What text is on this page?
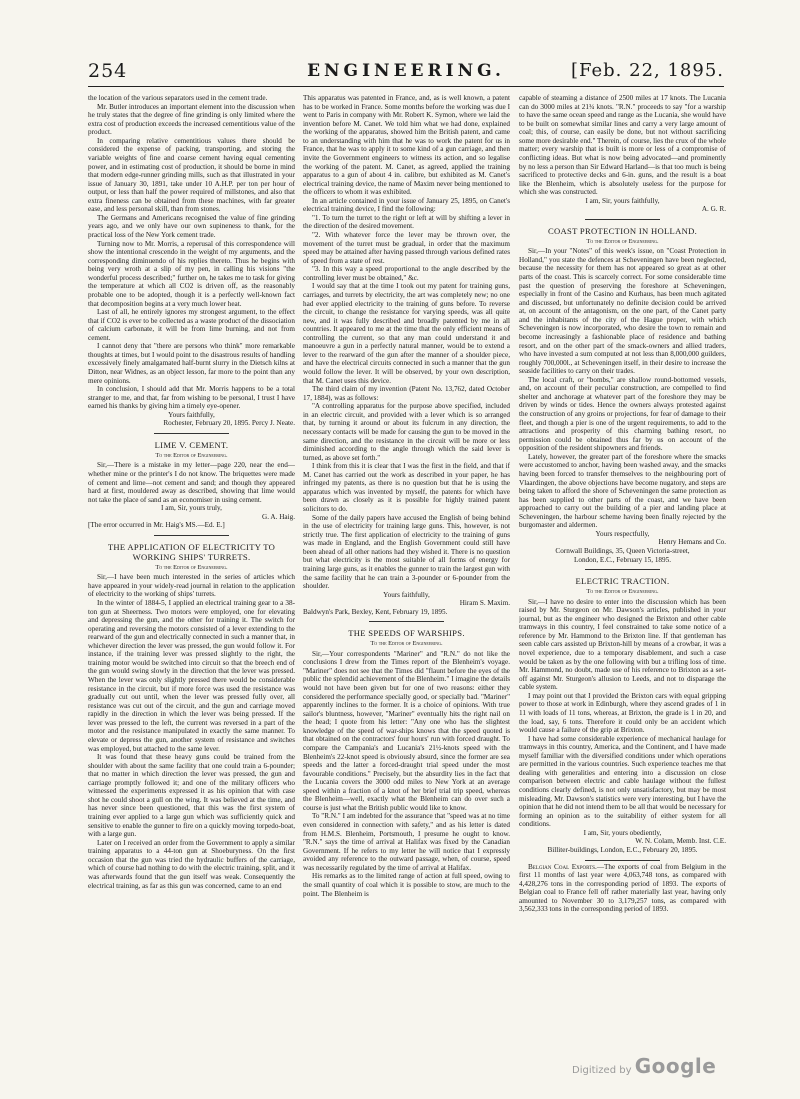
254	ENGINEERING.	[Feb. 22, 1895.

the location of the various separators used in the cement trade.

Mr. Butler introduces an important element into the discussion when he truly states that the degree of fine grinding is only limited where the extra cost of production exceeds the increased cementitious value of the product.

In comparing relative cementitious values there should be considered the expense of packing, transporting, and storing the variable weights of fine and coarse cement having equal cementing power, and in estimating cost of production, it should be borne in mind that modern edge-runner grinding mills, such as that illustrated in your issue of January 30, 1891, take under 10 A.H.P. per ton per hour of output, or less than half the power required of millstones, and also that extra fineness can be obtained from these machines, with far greater ease, and less personal skill, than from stones.

The Germans and Americans recognised the value of fine grinding years ago, and we only have our own supineness to thank, for the practical loss of the New York cement trade.

Turning now to Mr. Morris, a reperusal of this correspondence will show the intentional crescendo in the weight of my arguments, and the corresponding diminuendo of his replies thereto. Thus he begins with being very wroth at a slip of my pen, in calling his visions "the wonderful process described;" further on, he takes me to task for giving the temperature at which all CO2 is driven off, as the reasonably probable one to be adopted, though it is a perfectly well-known fact that decomposition begins at a very much lower heat.

Last of all, he entirely ignores my strongest argument, to the effect that if CO2 is ever to be collected as a waste product of the dissociation of calcium carbonate, it will be from lime burning, and not from cement.

I cannot deny that "there are persons who think" more remarkable thoughts at times, but I would point to the disastrous results of handling excessively finely amalgamated half-burnt slurry in the Dietsch kilns at Ditton, near Widnes, as an object lesson, far more to the point than any mere opinions.

In conclusion, I should add that Mr. Morris happens to be a total stranger to me, and that, far from wishing to be personal, I trust I have earned his thanks by giving him a timely eye-opener.

Yours faithfully,

Rochester, February 20, 1895. Percy J. Neate.

LIME V. CEMENT.
To the Editor of Engineering.

Sir,—There is a mistake in my letter—page 220, near the end—whether mine or the printer's I do not know. The briquettes were made of cement and lime—not cement and sand; and though they appeared hard at first, mouldered away as described, showing that lime would not take the place of sand as an economiser in using cement.

I am, Sir, yours truly,

G. A. Haig.

[The error occurred in Mr. Haig's MS.—Ed. E.]

THE APPLICATION OF ELECTRICITY TO WORKING SHIPS' TURRETS.
To the Editor of Engineering.

Sir,—I have been much interested in the series of articles which have appeared in your widely-read journal in relation to the application of electricity to the working of ships' turrets.

In the winter of 1884-5, I applied an electrical training gear to a 38-ton gun at Sheerness. Two motors were employed, one for elevating and depressing the gun, and the other for training it. The switch for operating and reversing the motors consisted of a lever extending to the rearward of the gun and electrically connected in such a manner that, in whichever direction the lever was pressed, the gun would follow it. For instance, if the training lever was pressed slightly to the right, the training motor would be switched into circuit so that the breech end of the gun would swing slowly in the direction that the lever was pressed. When the lever was only slightly pressed there would be considerable resistance in the circuit, but if more force was used the resistance was gradually cut out until, when the lever was pressed fully over, all resistance was cut out of the circuit, and the gun and carriage moved rapidly in the direction in which the lever was being pressed. If the lever was pressed to the left, the current was reversed in a part of the motor and the resistance manipulated in exactly the same manner. To elevate or depress the gun, another system of resistance and switches was employed, but attached to the same lever.

It was found that these heavy guns could be trained from the shoulder with about the same facility that one could train a 6-pounder; that no matter in which direction the lever was pressed, the gun and carriage promptly followed it; and one of the military officers who witnessed the experiments expressed it as his opinion that with case shot he could shoot a gull on the wing. It was believed at the time, and has never since been questioned, that this was the first system of training ever applied to a large gun which was sufficiently quick and sensitive to enable the gunner to fire on a quickly moving torpedo-boat, with a large gun.

Later on I received an order from the Government to apply a similar training apparatus to a 44-ton gun at Shoeburyness. On the first occasion that the gun was tried the hydraulic buffers of the carriage, which of course had nothing to do with the electric training, split, and it was afterwards found that the gun itself was weak. Consequently the electrical training, as far as this gun was concerned, came to an end

This apparatus was patented in France, and, as is well known, a patent has to be worked in France. Some months before the working was due I went to Paris in company with Mr. Robert K. Symon, where we laid the invention before M. Canet. We told him what we had done, explained the working of the apparatus, showed him the British patent, and came to an understanding with him that he was to work the patent for us in France, that he was to apply it to some kind of a gun carriage, and then invite the Government engineers to witness its action, and so legalise the working of the patent. M. Canet, as agreed, applied the training apparatus to a gun of about 4 in. calibre, but exhibited as M. Canet's electrical training device, the name of Maxim never being mentioned to the officers to whom it was exhibited.

In an article contained in your issue of January 25, 1895, on Canet's electrical training device, I find the following:

"1. To turn the turret to the right or left at will by shifting a lever in the direction of the desired movement.

"2. With whatever force the lever may be thrown over, the movement of the turret must be gradual, in order that the maximum speed may be attained after having passed through various defined rates of speed from a state of rest.

"3. In this way a speed proportional to the angle described by the controlling lever must be obtained," &c.

I would say that at the time I took out my patent for training guns, carriages, and turrets by electricity, the art was completely new; no one had ever applied electricity to the training of guns before. To reverse the circuit, to change the resistance for varying speeds, was all quite new, and it was fully described and broadly patented by me in all countries. It appeared to me at the time that the only efficient means of controlling the current, so that any man could understand it and manoeuvre a gun in a perfectly natural manner, would be to extend a lever to the rearward of the gun after the manner of a shoulder piece, and have the electrical circuits connected in such a manner that the gun would follow the lever. It will be observed, by your own description, that M. Canet uses this device.

The third claim of my invention (Patent No. 13,762, dated October 17, 1884), was as follows:

"A controlling apparatus for the purpose above specified, included in an electric circuit, and provided with a lever which is so arranged that, by turning it around or about its fulcrum in any direction, the necessary contacts will be made for causing the gun to be moved in the same direction, and the resistance in the circuit will be more or less diminished according to the angle through which the said lever is turned, as above set forth."

I think from this it is clear that I was the first in the field, and that if M. Canet has carried out the work as described in your paper, he has infringed my patents, as there is no question but that he is using the apparatus which was invented by myself, the patents for which have been drawn as closely as it is possible for highly trained patent solicitors to do.

Some of the daily papers have accused the English of being behind in the use of electricity for training large guns. This, however, is not strictly true. The first application of electricity to the training of guns was made in England, and the English Government could still have been ahead of all other nations had they wished it. There is no question but what electricity is the most suitable of all forms of energy for training large guns, as it enables the gunner to train the largest gun with the same facility that he can train a 3-pounder or 6-pounder from the shoulder.

Yours faithfully,

Hiram S. Maxim.

Baldwyn's Park, Bexley, Kent, February 19, 1895.

THE SPEEDS OF WARSHIPS.
To the Editor of Engineering.

Sir,—Your correspondents "Mariner" and "R.N." do not like the conclusions I drew from the Times report of the Blenheim's voyage. "Mariner" does not see that the Times did "flaunt before the eyes of the public the splendid achievement of the Blenheim." I imagine the details would not have been given but for one of two reasons: either they considered the performance specially good, or specially bad. "Mariner" apparently inclines to the former. It is a choice of opinions. With true sailor's bluntness, however, "Mariner" eventually hits the right nail on the head; I quote from his letter: "Any one who has the slightest knowledge of the speed of war-ships knows that the speed quoted is that obtained on the contractors' four hours' run with forced draught. To compare the Campania's and Lucania's 21½-knots speed with the Blenheim's 22-knot speed is obviously absurd, since the former are sea speeds and the latter a forced-draught trial speed under the most favourable conditions." Precisely, but the absurdity lies in the fact that the Lucania covers the 3000 odd miles to New York at an average speed within a fraction of a knot of her brief trial trip speed, whereas the Blenheim—well, exactly what the Blenheim can do over such a course is just what the British public would like to know.

To "R.N." I am indebted for the assurance that "speed was at no time even considered in connection with safety," and as his letter is dated from H.M.S. Blenheim, Portsmouth, I presume he ought to know. "R.N." says the time of arrival at Halifax was fixed by the Canadian Government. If he refers to my letter he will notice that I expressly avoided any reference to the outward passage, when, of course, speed was necessarily regulated by the time of arrival at Halifax.

His remarks as to the limited range of action at full speed, owing to the small quantity of coal which it is possible to stow, are much to the point. The Blenheim is

capable of steaming a distance of 2500 miles at 17 knots. The Lucania can do 3000 miles at 21¾ knots. "R.N." proceeds to say "for a warship to have the same ocean speed and range as the Lucania, she would have to be built on somewhat similar lines and carry a very large amount of coal; this, of course, can easily be done, but not without sacrificing some more desirable end." Therein, of course, lies the crux of the whole matter; every warship that is built is more or less of a compromise of conflicting ideas. But what is now being advocated—and prominently by no less a person than Sir Edward Harland—is that too much is being sacrificed to protective decks and 6-in. guns, and the result is a boat like the Blenheim, which is absolutely useless for the purpose for which she was constructed.

I am, Sir, yours faithfully,

A. G. R.

COAST PROTECTION IN HOLLAND.
To the Editor of Engineering.

Sir,—In your "Notes" of this week's issue, on "Coast Protection in Holland," you state the defences at Scheveningen have been neglected, because the necessity for them has not appeared so great as at other parts of the coast. This is scarcely correct. For some considerable time past the question of preserving the foreshore at Scheveningen, especially in front of the Casino and Kurhaus, has been much agitated and discussed, but unfortunately no definite decision could be arrived at, on account of the antagonism, on the one part, of the Canet party and the inhabitants of the city of the Hague proper, with which Scheveningen is now incorporated, who desire the town to remain and become increasingly a fashionable place of residence and bathing resort, and on the other part of the smack-owners and allied traders, who have invested a sum computed at not less than 8,000,000 guilders, roughly 700,000l., at Scheveningen itself, in their desire to increase the seaside facilities to carry on their trades.

The local craft, or "bombs," are shallow round-bottomed vessels, and, on account of their peculiar construction, are compelled to find shelter and anchorage at whatever part of the foreshore they may be driven by winds or tides. Hence the owners always protested against the construction of any groins or projections, for fear of damage to their fleet, and though a pier is one of the urgent requirements, to add to the attractions and prosperity of this charming bathing resort, no permission could be obtained thus far by us on account of the opposition of the resident shipowners and friends.

Lately, however, the greater part of the foreshore where the smacks were accustomed to anchor, having been washed away, and the smacks having been forced to transfer themselves to the neighbouring port of Vlaardingen, the above objections have become nugatory, and steps are being taken to afford the shore of Scheveningen the same protection as has been supplied to other parts of the coast, and we have been approached to carry out the building of a pier and landing place at Scheveningen, the harbour scheme having been finally rejected by the burgomaster and aldermen.

Yours respectfully,

Henry Hemans and Co.

Cornwall Buildings, 35, Queen Victoria-street,

London, E.C., February 15, 1895.

ELECTRIC TRACTION.
To the Editor of Engineering.

Sir,—I have no desire to enter into the discussion which has been raised by Mr. Sturgeon on Mr. Dawson's articles, published in your journal, but as the engineer who designed the Brixton and other cable tramways in this country, I feel constrained to take some notice of a reference by Mr. Hammond to the Brixton line. If that gentleman has seen cable cars assisted up Brixton-hill by means of a crowbar, it was a novel experience, due to a temporary disablement, and such a case would be taken as by the one following with but a trifling loss of time. Mr. Hammond, no doubt, made use of his reference to Brixton as a set-off against Mr. Sturgeon's allusion to Leeds, and not to disparage the cable system.

I may point out that I provided the Brixton cars with equal gripping power to those at work in Edinburgh, where they ascend grades of 1 in 11 with loads of 11 tons, whereas, at Brixton, the grade is 1 in 20, and the load, say, 6 tons. Therefore it could only be an accident which would cause a failure of the grip at Brixton.

I have had some considerable experience of mechanical haulage for tramways in this country, America, and the Continent, and I have made myself familiar with the diversified conditions under which operations are permitted in the various countries. Such experience teaches me that dealing with generalities and entering into a discussion on close comparison between electric and cable haulage without the fullest conditions clearly defined, is not only unsatisfactory, but may be most misleading. Mr. Dawson's statistics were very interesting, but I have the opinion that he did not intend them to be all that would be necessary for forming an opinion as to the suitability of either system for all conditions.

I am, Sir, yours obediently,

W. N. Colam, Memb. Inst. C.E.

Billiter-buildings, London, E.C., February 20, 1895.

Belgian Coal Exports.—The exports of coal from Belgium in the first 11 months of last year were 4,063,748 tons, as compared with 4,428,276 tons in the corresponding period of 1893. The exports of Belgian coal to France fell off rather materially last year, having only amounted to November 30 to 3,179,257 tons, as compared with 3,562,333 tons in the corresponding period of 1893.

Digitized by Google
